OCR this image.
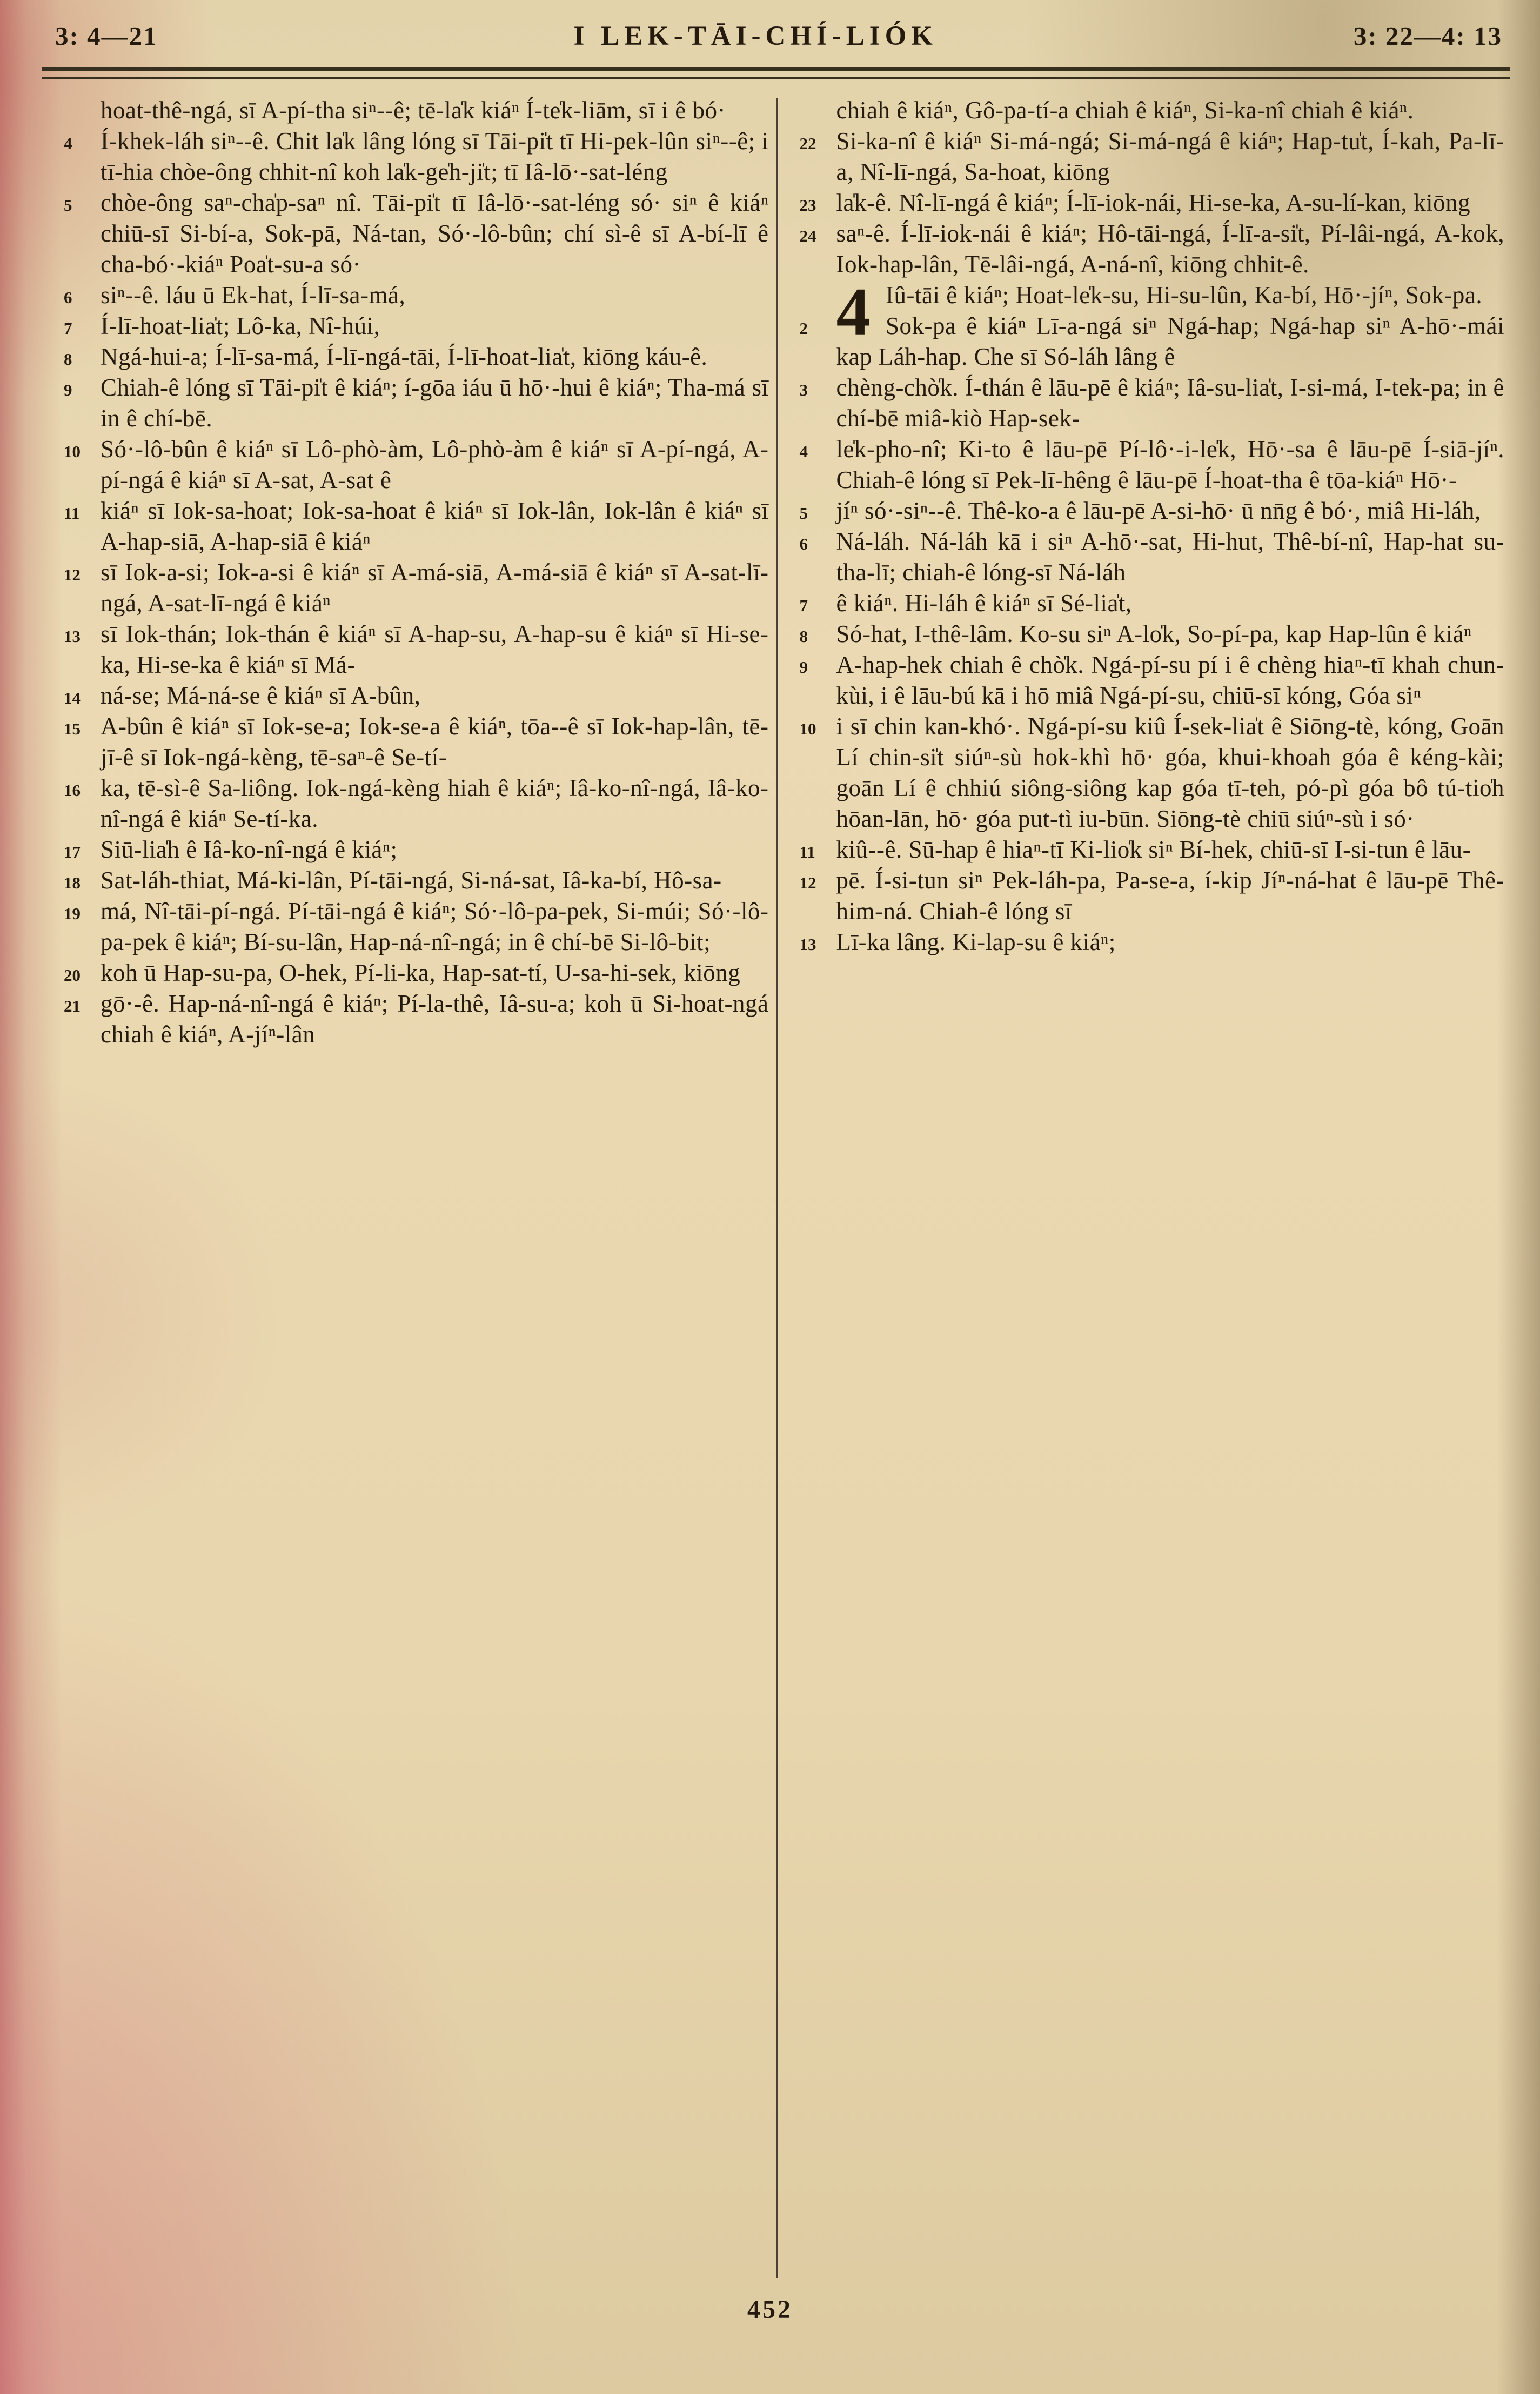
3: 4—21	I LEK-TĀI-CHÍ-LIÓK	3: 22—4: 13

hoat-thê-ngá, sī A-pí-tha siⁿ--ê; tē-la̍k kiáⁿ Í-te̍k-liām, sī i ê bó·

4 Í-khek-láh siⁿ--ê. Chit la̍k lâng lóng sī Tāi-pi̍t tī Hi-pek-lûn siⁿ--ê; i tī-hia chòe-ông chhit-nî koh la̍k-ge̍h-ji̍t; tī Iâ-lō·-sat-léng

5 chòe-ông saⁿ-cha̍p-saⁿ nî. Tāi-pi̍t tī Iâ-lō·-sat-léng só· siⁿ ê kiáⁿ chiū-sī Si-bí-a, Sok-pā, Ná-tan, Só·-lô-bûn; chí sì-ê sī A-bí-lī ê cha-bó·-kiáⁿ Poa̍t-su-a só·

6 siⁿ--ê. láu ū Ek-hat, Í-lī-sa-má,

7 Í-lī-hoat-lia̍t; Lô-ka, Nî-húi,

8 Ngá-hui-a; Í-lī-sa-má, Í-lī-ngá-tāi, Í-lī-hoat-lia̍t, kiōng káu-ê.

9 Chiah-ê lóng sī Tāi-pi̍t ê kiáⁿ; í-gōa iáu ū hō·-hui ê kiáⁿ; Tha-má sī in ê chí-bē.

10 Só·-lô-bûn ê kiáⁿ sī Lô-phò-àm, Lô-phò-àm ê kiáⁿ sī A-pí-ngá, A-pí-ngá ê kiáⁿ sī A-sat, A-sat ê

11 kiáⁿ sī Iok-sa-hoat; Iok-sa-hoat ê kiáⁿ sī Iok-lân, Iok-lân ê kiáⁿ sī A-hap-siā, A-hap-siā ê kiáⁿ

12 sī Iok-a-si; Iok-a-si ê kiáⁿ sī A-má-siā, A-má-siā ê kiáⁿ sī A-sat-lī-ngá, A-sat-lī-ngá ê kiáⁿ

13 sī Iok-thán; Iok-thán ê kiáⁿ sī A-hap-su, A-hap-su ê kiáⁿ sī Hi-se-ka, Hi-se-ka ê kiáⁿ sī Má-

14 ná-se; Má-ná-se ê kiáⁿ sī A-bûn,

15 A-bûn ê kiáⁿ sī Iok-se-a; Iok-se-a ê kiáⁿ, tōa--ê sī Iok-hap-lân, tē-jī-ê sī Iok-ngá-kèng, tē-saⁿ-ê Se-tí-

16 ka, tē-sì-ê Sa-liông. Iok-ngá-kèng hiah ê kiáⁿ; Iâ-ko-nî-ngá, Iâ-ko-nî-ngá ê kiáⁿ Se-tí-ka.

17 Siū-lia̍h ê Iâ-ko-nî-ngá ê kiáⁿ;

18 Sat-láh-thiat, Má-ki-lân, Pí-tāi-ngá, Si-ná-sat, Iâ-ka-bí, Hô-sa-

19 má, Nî-tāi-pí-ngá. Pí-tāi-ngá ê kiáⁿ; Só·-lô-pa-pek, Si-múi; Só·-lô-pa-pek ê kiáⁿ; Bí-su-lân, Hap-ná-nî-ngá; in ê chí-bē Si-lô-bit;

20 koh ū Hap-su-pa, O-hek, Pí-li-ka, Hap-sat-tí, U-sa-hi-sek, kiōng

21 gō·-ê. Hap-ná-nî-ngá ê kiáⁿ; Pí-la-thê, Iâ-su-a; koh ū Si-hoat-ngá chiah ê kiáⁿ, A-jíⁿ-lân

chiah ê kiáⁿ, Gô-pa-tí-a chiah ê kiáⁿ, Si-ka-nî chiah ê kiáⁿ.

22 Si-ka-nî ê kiáⁿ Si-má-ngá; Si-má-ngá ê kiáⁿ; Hap-tu̍t, Í-kah, Pa-lī-a, Nî-lī-ngá, Sa-hoat, kiōng

23 la̍k-ê. Nî-lī-ngá ê kiáⁿ; Í-lī-iok-nái, Hi-se-ka, A-su-lí-kan, kiōng

24 saⁿ-ê. Í-lī-iok-nái ê kiáⁿ; Hô-tāi-ngá, Í-lī-a-si̍t, Pí-lâi-ngá, A-kok, Iok-hap-lân, Tē-lâi-ngá, A-ná-nî, kiōng chhit-ê.

4 Iû-tāi ê kiáⁿ; Hoat-le̍k-su, Hi-su-lûn, Ka-bí, Hō·-jíⁿ, Sok-pa.

2	Sok-pa ê kiáⁿ Lī-a-ngá siⁿ Ngá-hap; Ngá-hap siⁿ A-hō·-mái kap Láh-hap. Che sī Só-láh lâng ê

3 chèng-chò̍k. Í-thán ê lāu-pē ê kiáⁿ; Iâ-su-lia̍t, I-si-má, I-tek-pa; in ê chí-bē miâ-kiò Hap-sek-

4 le̍k-pho-nî; Ki-to ê lāu-pē Pí-lô·-i-le̍k, Hō·-sa ê lāu-pē Í-siā-jíⁿ. Chiah-ê lóng sī Pek-lī-hêng ê lāu-pē Í-hoat-tha ê tōa-kiáⁿ Hō·-

5 jíⁿ só·-siⁿ--ê. Thê-ko-a ê lāu-pē A-si-hō· ū nn̄g ê bó·, miâ Hi-láh,

6 Ná-láh. Ná-láh kā i siⁿ A-hō·-sat, Hi-hut, Thê-bí-nî, Hap-hat su-tha-lī; chiah-ê lóng-sī Ná-láh

7 ê kiáⁿ. Hi-láh ê kiáⁿ sī Sé-lia̍t,

8 Só-hat, I-thê-lâm. Ko-su siⁿ A-lo̍k, So-pí-pa, kap Hap-lûn ê kiáⁿ

9 A-hap-hek chiah ê chò̍k. Ngá-pí-su pí i ê chèng hiaⁿ-tī khah chun-kùi, i ê lāu-bú kā i hō miâ Ngá-pí-su, chiū-sī kóng, Góa siⁿ

10 i sī chin kan-khó·. Ngá-pí-su kiû Í-sek-lia̍t ê Siōng-tè, kóng, Goān Lí chin-si̍t siúⁿ-sù hok-khì hō· góa, khui-khoah góa ê kéng-kài; goān Lí ê chhiú siông-siông kap góa tī-teh, pó-pì góa bô tú-tio̍h hōan-lān, hō· góa put-tì iu-būn. Siōng-tè chiū siúⁿ-sù i só·

11 kiû--ê. Sū-hap ê hiaⁿ-tī Ki-lio̍k siⁿ Bí-hek, chiū-sī I-si-tun ê lāu-

12 pē. Í-si-tun siⁿ Pek-láh-pa, Pa-se-a, í-kip Jíⁿ-ná-hat ê lāu-pē Thê-him-ná. Chiah-ê lóng sī

13 Lī-ka lâng. Ki-lap-su ê kiáⁿ;

452
